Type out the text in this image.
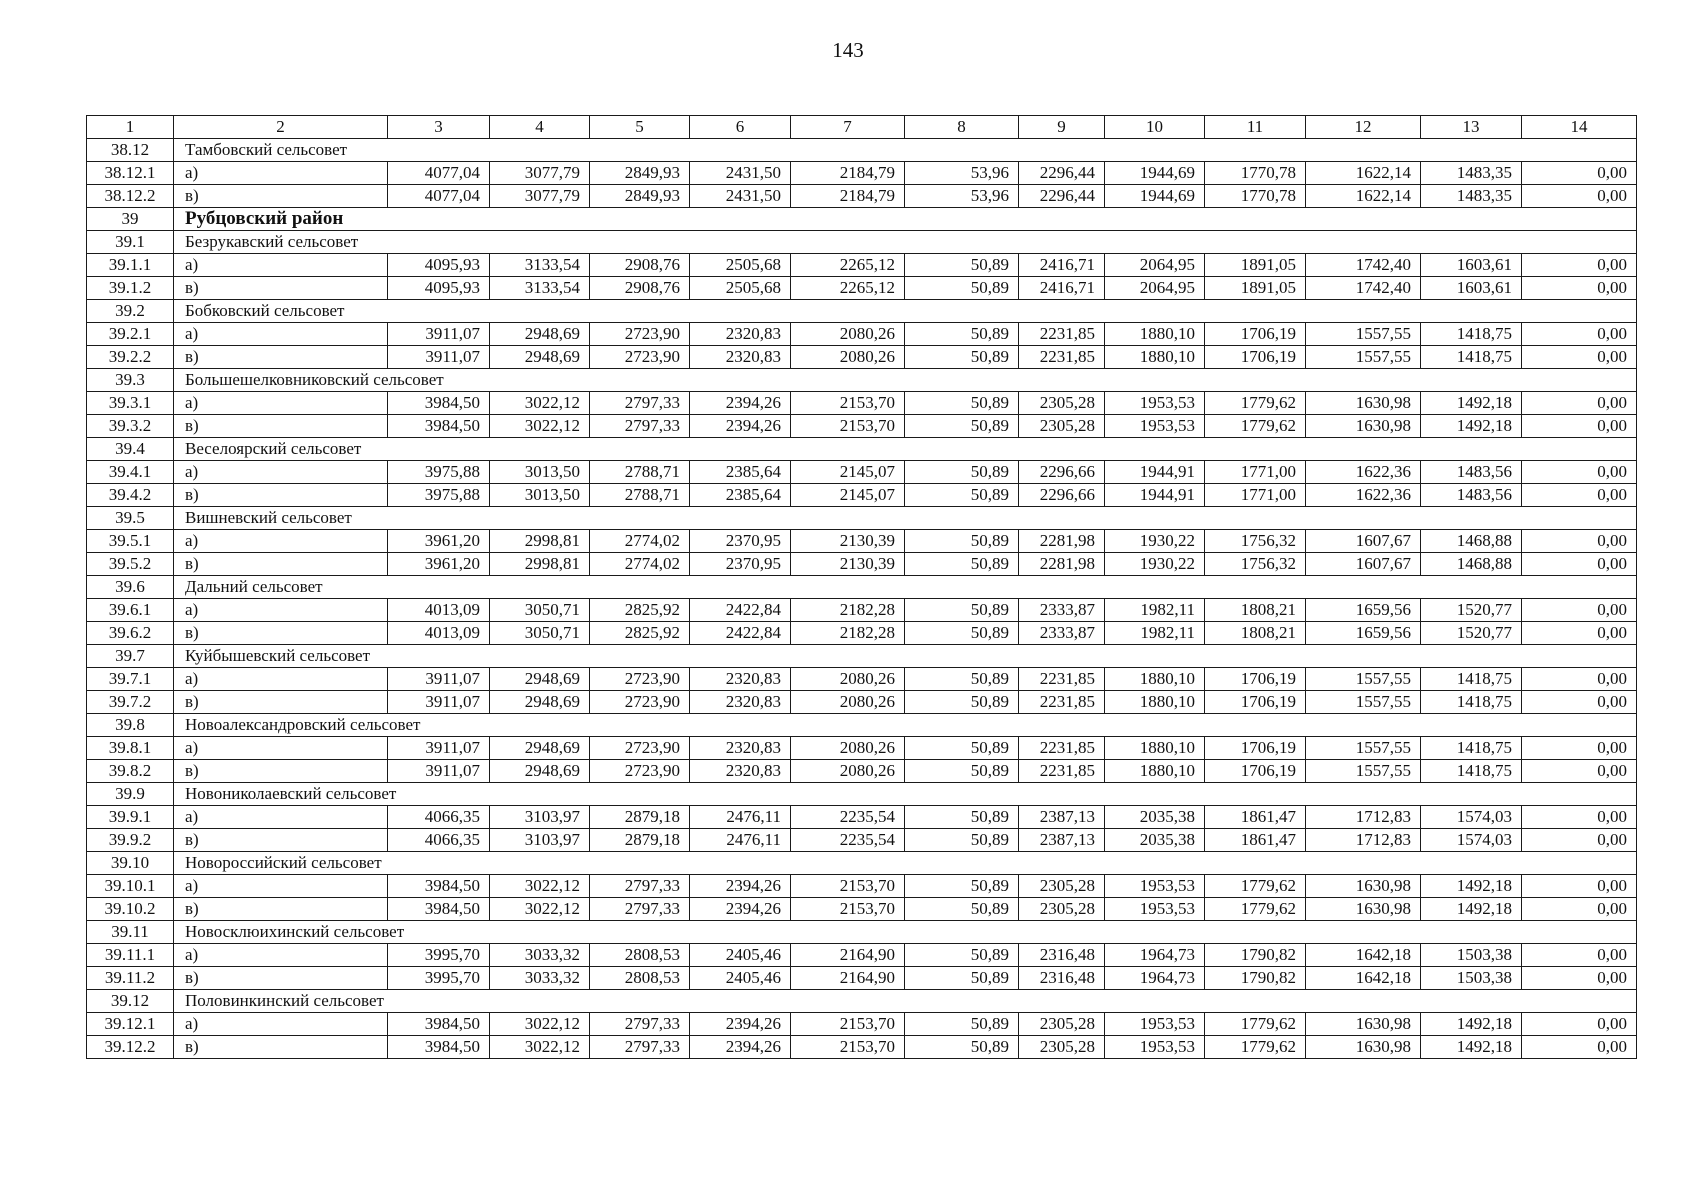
143
1	2	3	4	5	6	7	8	9	10	11	12	13	14
38.12	Тамбовский сельсовет												
38.12.1	а)	4077,04	3077,79	2849,93	2431,50	2184,79	53,96	2296,44	1944,69	1770,78	1622,14	1483,35	0,00
38.12.2	в)	4077,04	3077,79	2849,93	2431,50	2184,79	53,96	2296,44	1944,69	1770,78	1622,14	1483,35	0,00
39	Рубцовский район												
39.1	Безрукавский сельсовет												
39.1.1	а)	4095,93	3133,54	2908,76	2505,68	2265,12	50,89	2416,71	2064,95	1891,05	1742,40	1603,61	0,00
39.1.2	в)	4095,93	3133,54	2908,76	2505,68	2265,12	50,89	2416,71	2064,95	1891,05	1742,40	1603,61	0,00
39.2	Бобковский сельсовет												
39.2.1	а)	3911,07	2948,69	2723,90	2320,83	2080,26	50,89	2231,85	1880,10	1706,19	1557,55	1418,75	0,00
39.2.2	в)	3911,07	2948,69	2723,90	2320,83	2080,26	50,89	2231,85	1880,10	1706,19	1557,55	1418,75	0,00
39.3	Большешелковниковский сельсовет												
39.3.1	а)	3984,50	3022,12	2797,33	2394,26	2153,70	50,89	2305,28	1953,53	1779,62	1630,98	1492,18	0,00
39.3.2	в)	3984,50	3022,12	2797,33	2394,26	2153,70	50,89	2305,28	1953,53	1779,62	1630,98	1492,18	0,00
39.4	Веселоярский сельсовет												
39.4.1	а)	3975,88	3013,50	2788,71	2385,64	2145,07	50,89	2296,66	1944,91	1771,00	1622,36	1483,56	0,00
39.4.2	в)	3975,88	3013,50	2788,71	2385,64	2145,07	50,89	2296,66	1944,91	1771,00	1622,36	1483,56	0,00
39.5	Вишневский сельсовет												
39.5.1	а)	3961,20	2998,81	2774,02	2370,95	2130,39	50,89	2281,98	1930,22	1756,32	1607,67	1468,88	0,00
39.5.2	в)	3961,20	2998,81	2774,02	2370,95	2130,39	50,89	2281,98	1930,22	1756,32	1607,67	1468,88	0,00
39.6	Дальний сельсовет												
39.6.1	а)	4013,09	3050,71	2825,92	2422,84	2182,28	50,89	2333,87	1982,11	1808,21	1659,56	1520,77	0,00
39.6.2	в)	4013,09	3050,71	2825,92	2422,84	2182,28	50,89	2333,87	1982,11	1808,21	1659,56	1520,77	0,00
39.7	Куйбышевский сельсовет												
39.7.1	а)	3911,07	2948,69	2723,90	2320,83	2080,26	50,89	2231,85	1880,10	1706,19	1557,55	1418,75	0,00
39.7.2	в)	3911,07	2948,69	2723,90	2320,83	2080,26	50,89	2231,85	1880,10	1706,19	1557,55	1418,75	0,00
39.8	Новоалександровский сельсовет												
39.8.1	а)	3911,07	2948,69	2723,90	2320,83	2080,26	50,89	2231,85	1880,10	1706,19	1557,55	1418,75	0,00
39.8.2	в)	3911,07	2948,69	2723,90	2320,83	2080,26	50,89	2231,85	1880,10	1706,19	1557,55	1418,75	0,00
39.9	Новониколаевский сельсовет												
39.9.1	а)	4066,35	3103,97	2879,18	2476,11	2235,54	50,89	2387,13	2035,38	1861,47	1712,83	1574,03	0,00
39.9.2	в)	4066,35	3103,97	2879,18	2476,11	2235,54	50,89	2387,13	2035,38	1861,47	1712,83	1574,03	0,00
39.10	Новороссийский сельсовет												
39.10.1	а)	3984,50	3022,12	2797,33	2394,26	2153,70	50,89	2305,28	1953,53	1779,62	1630,98	1492,18	0,00
39.10.2	в)	3984,50	3022,12	2797,33	2394,26	2153,70	50,89	2305,28	1953,53	1779,62	1630,98	1492,18	0,00
39.11	Новосклюихинский сельсовет												
39.11.1	а)	3995,70	3033,32	2808,53	2405,46	2164,90	50,89	2316,48	1964,73	1790,82	1642,18	1503,38	0,00
39.11.2	в)	3995,70	3033,32	2808,53	2405,46	2164,90	50,89	2316,48	1964,73	1790,82	1642,18	1503,38	0,00
39.12	Половинкинский сельсовет												
39.12.1	а)	3984,50	3022,12	2797,33	2394,26	2153,70	50,89	2305,28	1953,53	1779,62	1630,98	1492,18	0,00
39.12.2	в)	3984,50	3022,12	2797,33	2394,26	2153,70	50,89	2305,28	1953,53	1779,62	1630,98	1492,18	0,00
